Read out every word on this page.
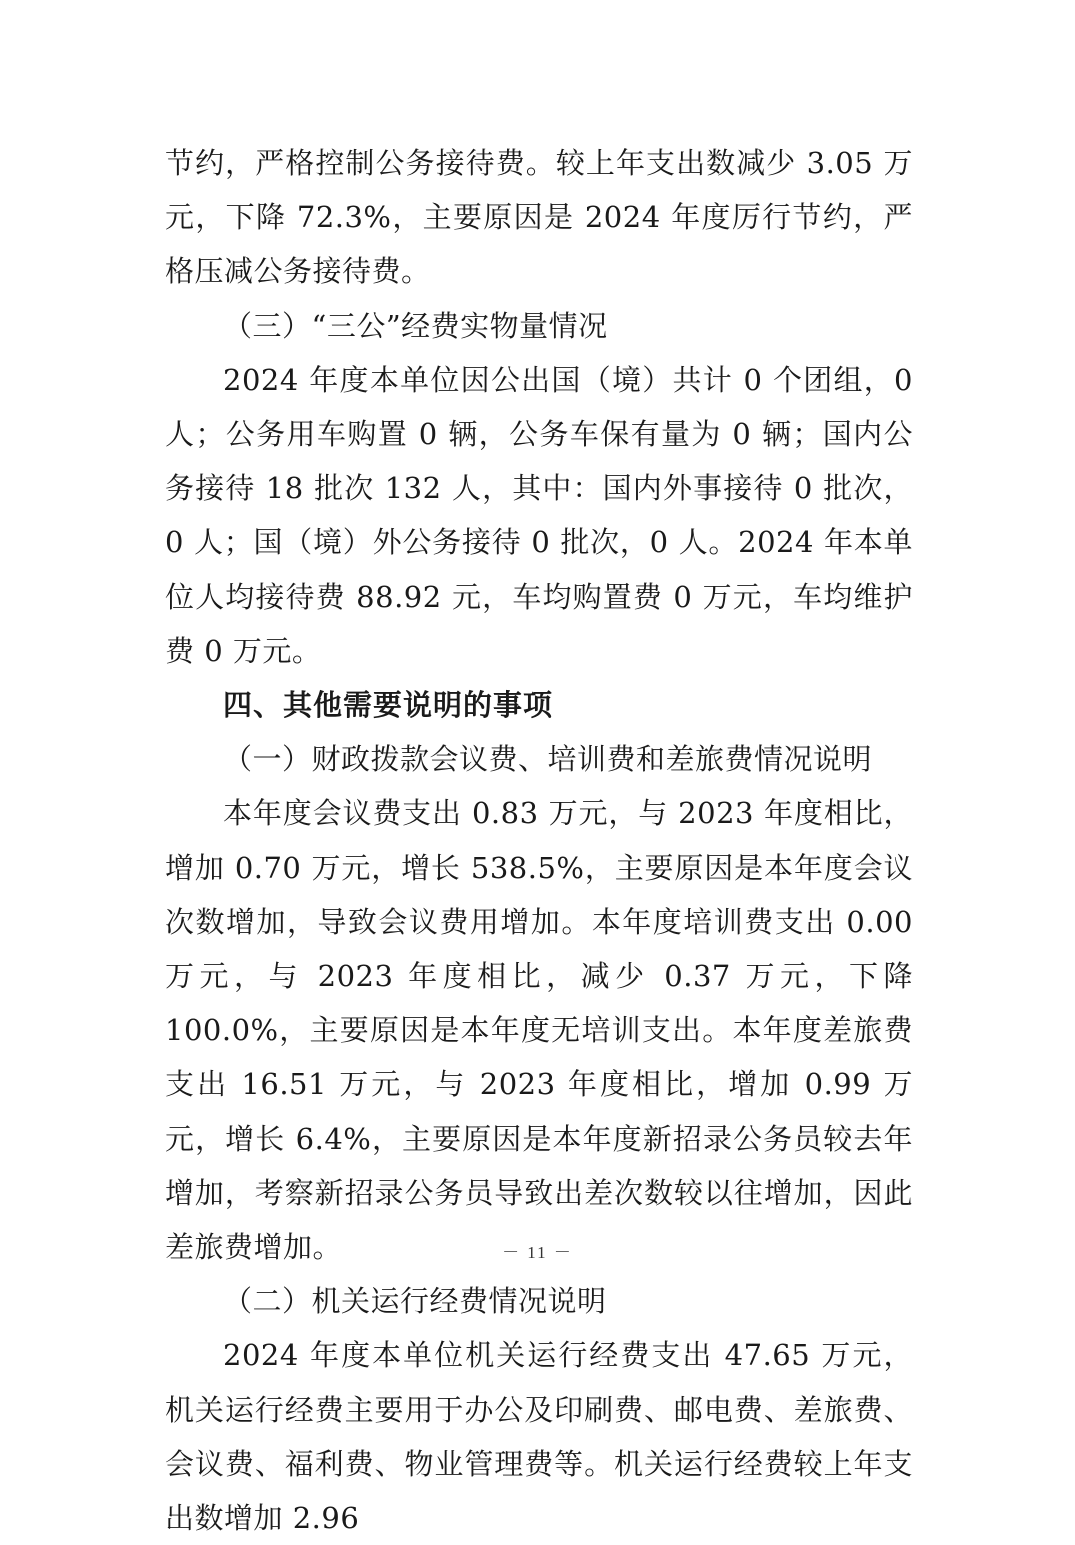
节约，严格控制公务接待费。较上年支出数减少 3.05 万元，下降 72.3%，主要原因是 2024 年度厉行节约，严格压减公务接待费。

（三）“三公”经费实物量情况

2024 年度本单位因公出国（境）共计 0 个团组，0 人；公务用车购置 0 辆，公务车保有量为 0 辆；国内公务接待 18 批次 132 人，其中：国内外事接待 0 批次，0 人；国（境）外公务接待 0 批次，0 人。2024 年本单位人均接待费 88.92 元，车均购置费 0 万元，车均维护费 0 万元。

四、其他需要说明的事项

（一）财政拨款会议费、培训费和差旅费情况说明

本年度会议费支出 0.83 万元，与 2023 年度相比，增加 0.70 万元，增长 538.5%，主要原因是本年度会议次数增加，导致会议费用增加。本年度培训费支出 0.00 万元，与 2023 年度相比，减少 0.37 万元，下降 100.0%，主要原因是本年度无培训支出。本年度差旅费支出 16.51 万元，与 2023 年度相比，增加 0.99 万元，增长 6.4%，主要原因是本年度新招录公务员较去年增加，考察新招录公务员导致出差次数较以往增加，因此差旅费增加。

（二）机关运行经费情况说明

2024 年度本单位机关运行经费支出 47.65 万元，机关运行经费主要用于办公及印刷费、邮电费、差旅费、会议费、福利费、物业管理费等。机关运行经费较上年支出数增加 2.96

－ 11 －
